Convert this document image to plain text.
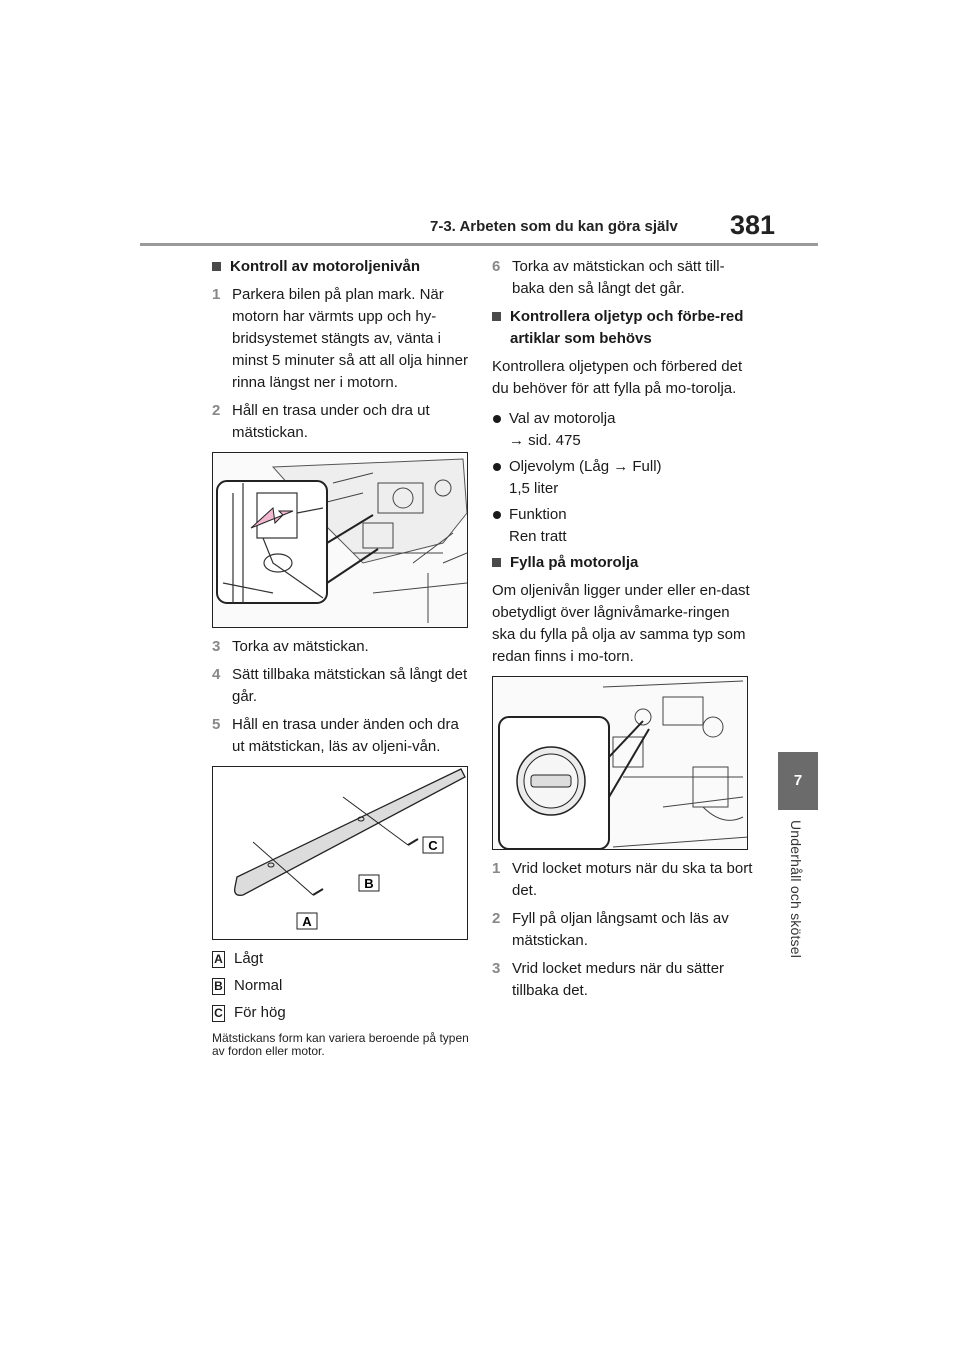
7-3. Arbeten som du kan göra själv 381
7
Underhåll och skötsel
Kontroll av motoroljenivån
1 Parkera bilen på plan mark. När motorn har värmts upp och hy-bridsystemet stängts av, vänta i minst 5 minuter så att all olja hinner rinna längst ner i motorn.
2 Håll en trasa under och dra ut mätstickan.
3 Torka av mätstickan.
4 Sätt tillbaka mätstickan så långt det går.
5 Håll en trasa under änden och dra ut mätstickan, läs av oljeni-vån.
A
B
C
A Lågt
B Normal
C För hög
Mätstickans form kan variera beroende på typen av fordon eller motor.
6 Torka av mätstickan och sätt till-baka den så långt det går.
Kontrollera oljetyp och förbe-red artiklar som behövs
Kontrollera oljetypen och förbered det du behöver för att fylla på mo-torolja.
Val av motorolja
→ sid. 475
Oljevolym (Låg → Full)
1,5 liter
Funktion
Ren tratt
Fylla på motorolja
Om oljenivån ligger under eller en-dast obetydligt över lågnivåmarke-ringen ska du fylla på olja av samma typ som redan finns i mo-torn.
1 Vrid locket moturs när du ska ta bort det.
2 Fyll på oljan långsamt och läs av mätstickan.
3 Vrid locket medurs när du sätter tillbaka det.
